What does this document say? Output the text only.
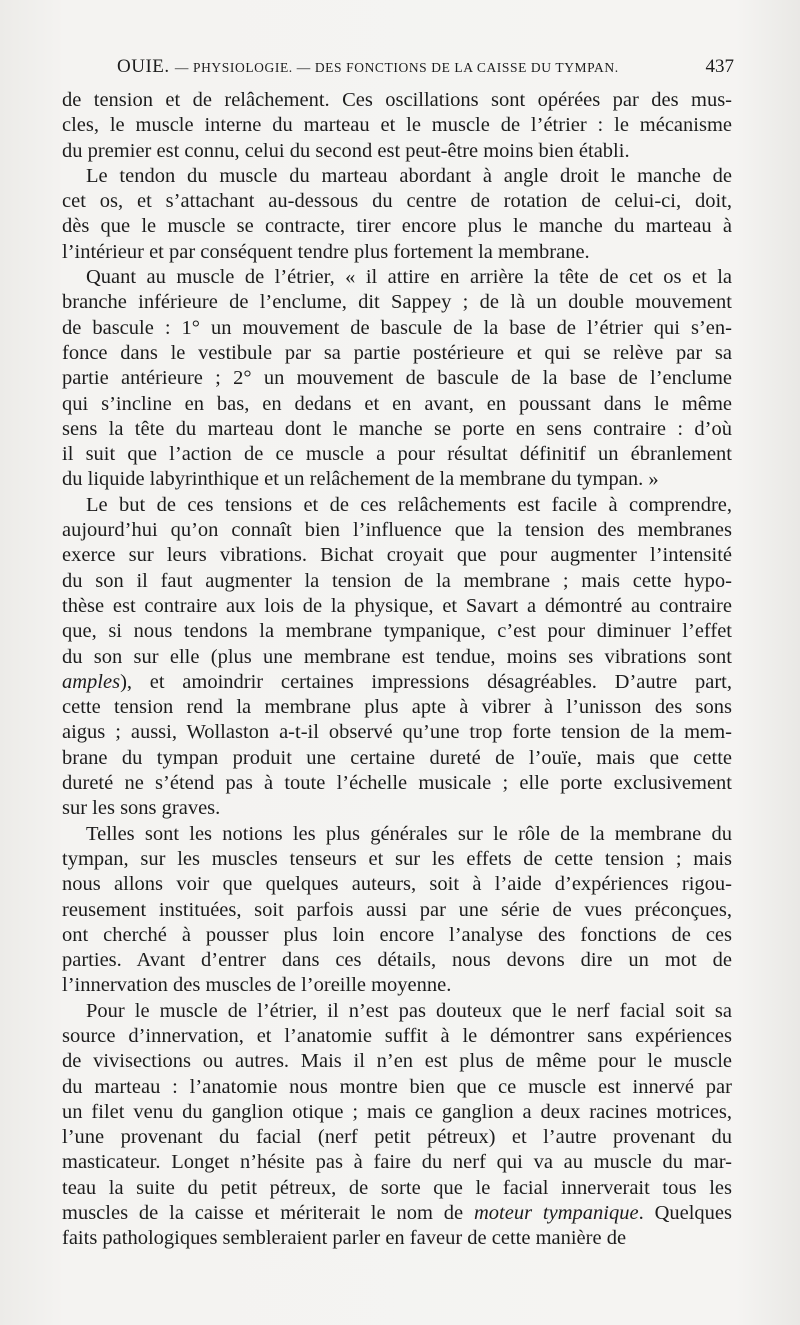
OUIE. — PHYSIOLOGIE. — DES FONCTIONS DE LA CAISSE DU TYMPAN.	437

de tension et de relâchement. Ces oscillations sont opérées par des mus-
cles, le muscle interne du marteau et le muscle de l’étrier : le mécanisme
du premier est connu, celui du second est peut-être moins bien établi.

Le tendon du muscle du marteau abordant à angle droit le manche de
cet os, et s’attachant au-dessous du centre de rotation de celui-ci, doit,
dès que le muscle se contracte, tirer encore plus le manche du marteau à
l’intérieur et par conséquent tendre plus fortement la membrane.

Quant au muscle de l’étrier, « il attire en arrière la tête de cet os et la
branche inférieure de l’enclume, dit Sappey ; de là un double mouvement
de bascule : 1° un mouvement de bascule de la base de l’étrier qui s’en-
fonce dans le vestibule par sa partie postérieure et qui se relève par sa
partie antérieure ; 2° un mouvement de bascule de la base de l’enclume
qui s’incline en bas, en dedans et en avant, en poussant dans le même
sens la tête du marteau dont le manche se porte en sens contraire : d’où
il suit que l’action de ce muscle a pour résultat définitif un ébranlement
du liquide labyrinthique et un relâchement de la membrane du tympan. »

Le but de ces tensions et de ces relâchements est facile à comprendre,
aujourd’hui qu’on connaît bien l’influence que la tension des membranes
exerce sur leurs vibrations. Bichat croyait que pour augmenter l’intensité
du son il faut augmenter la tension de la membrane ; mais cette hypo-
thèse est contraire aux lois de la physique, et Savart a démontré au contraire
que, si nous tendons la membrane tympanique, c’est pour diminuer l’effet
du son sur elle (plus une membrane est tendue, moins ses vibrations sont
amples), et amoindrir certaines impressions désagréables. D’autre part,
cette tension rend la membrane plus apte à vibrer à l’unisson des sons
aigus ; aussi, Wollaston a-t-il observé qu’une trop forte tension de la mem-
brane du tympan produit une certaine dureté de l’ouïe, mais que cette
dureté ne s’étend pas à toute l’échelle musicale ; elle porte exclusivement
sur les sons graves.

Telles sont les notions les plus générales sur le rôle de la membrane du
tympan, sur les muscles tenseurs et sur les effets de cette tension ; mais
nous allons voir que quelques auteurs, soit à l’aide d’expériences rigou-
reusement instituées, soit parfois aussi par une série de vues préconçues,
ont cherché à pousser plus loin encore l’analyse des fonctions de ces
parties. Avant d’entrer dans ces détails, nous devons dire un mot de
l’innervation des muscles de l’oreille moyenne.

Pour le muscle de l’étrier, il n’est pas douteux que le nerf facial soit sa
source d’innervation, et l’anatomie suffit à le démontrer sans expériences
de vivisections ou autres. Mais il n’en est plus de même pour le muscle
du marteau : l’anatomie nous montre bien que ce muscle est innervé par
un filet venu du ganglion otique ; mais ce ganglion a deux racines motrices,
l’une provenant du facial (nerf petit pétreux) et l’autre provenant du
masticateur. Longet n’hésite pas à faire du nerf qui va au muscle du mar-
teau la suite du petit pétreux, de sorte que le facial innerverait tous les
muscles de la caisse et mériterait le nom de moteur tympanique. Quelques
faits pathologiques sembleraient parler en faveur de cette manière de
